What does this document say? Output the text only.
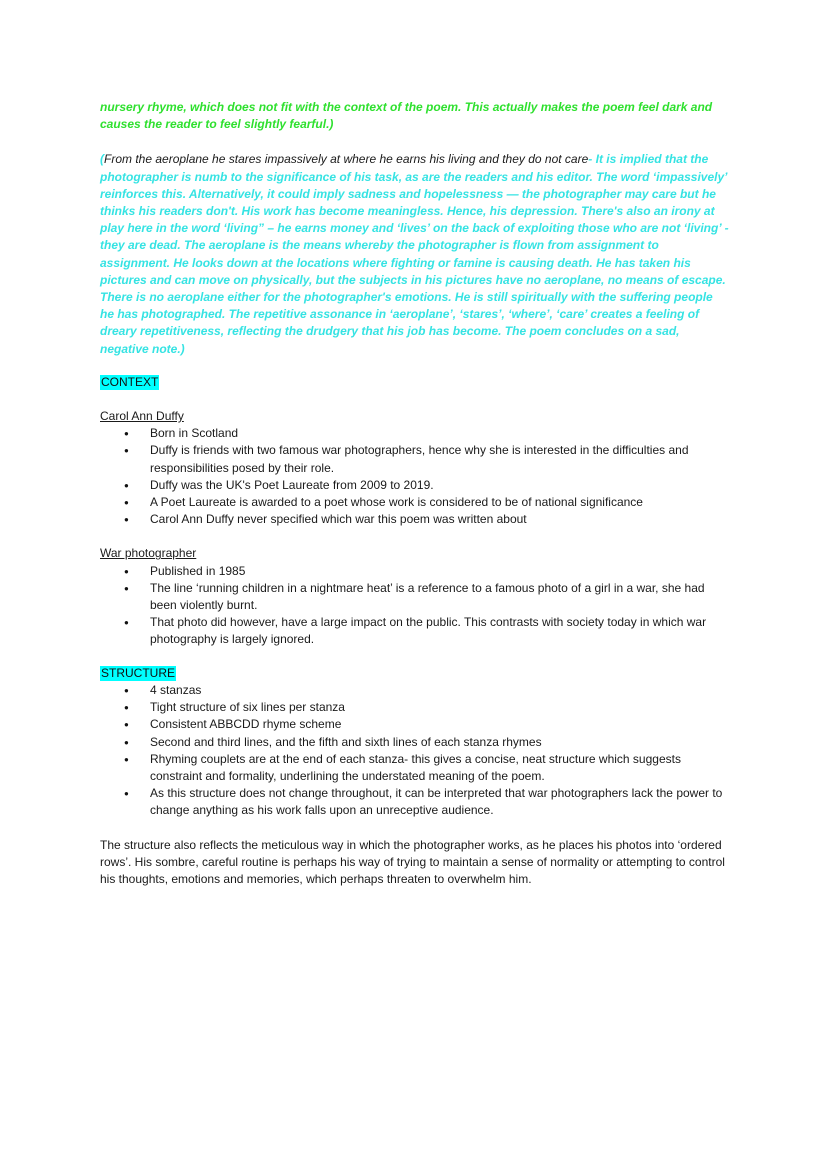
nursery rhyme, which does not fit with the context of the poem. This actually makes the poem feel dark and causes the reader to feel slightly fearful.)

(From the aeroplane he stares impassively at where he earns his living and they do not care- It is implied that the photographer is numb to the significance of his task, as are the readers and his editor. The word ‘impassively’ reinforces this. Alternatively, it could imply sadness and hopelessness — the photographer may care but he thinks his readers don't. His work has become meaningless. Hence, his depression. There's also an irony at play here in the word ‘living” – he earns money and ‘lives’ on the back of exploiting those who are not ‘living’ - they are dead. The aeroplane is the means whereby the photographer is flown from assignment to assignment. He looks down at the locations where fighting or famine is causing death. He has taken his pictures and can move on physically, but the subjects in his pictures have no aeroplane, no means of escape. There is no aeroplane either for the photographer's emotions. He is still spiritually with the suffering people he has photographed. The repetitive assonance in ‘aeroplane’, ‘stares’, ‘where’, ‘care’ creates a feeling of dreary repetitiveness, reflecting the drudgery that his job has become. The poem concludes on a sad, negative note.)

CONTEXT
Carol Ann Duffy
● Born in Scotland
● Duffy is friends with two famous war photographers, hence why she is interested in the difficulties and responsibilities posed by their role.
● Duffy was the UK's Poet Laureate from 2009 to 2019.
● A Poet Laureate is awarded to a poet whose work is considered to be of national significance
● Carol Ann Duffy never specified which war this poem was written about
War photographer
● Published in 1985
● The line ‘running children in a nightmare heat’ is a reference to a famous photo of a girl in a war, she had been violently burnt.
● That photo did however, have a large impact on the public. This contrasts with society today in which war photography is largely ignored.
STRUCTURE
● 4 stanzas
● Tight structure of six lines per stanza
● Consistent ABBCDD rhyme scheme
● Second and third lines, and the fifth and sixth lines of each stanza rhymes
● Rhyming couplets are at the end of each stanza- this gives a concise, neat structure which suggests constraint and formality, underlining the understated meaning of the poem.
● As this structure does not change throughout, it can be interpreted that war photographers lack the power to change anything as his work falls upon an unreceptive audience.

The structure also reflects the meticulous way in which the photographer works, as he places his photos into ‘ordered rows’. His sombre, careful routine is perhaps his way of trying to maintain a sense of normality or attempting to control his thoughts, emotions and memories, which perhaps threaten to overwhelm him.
